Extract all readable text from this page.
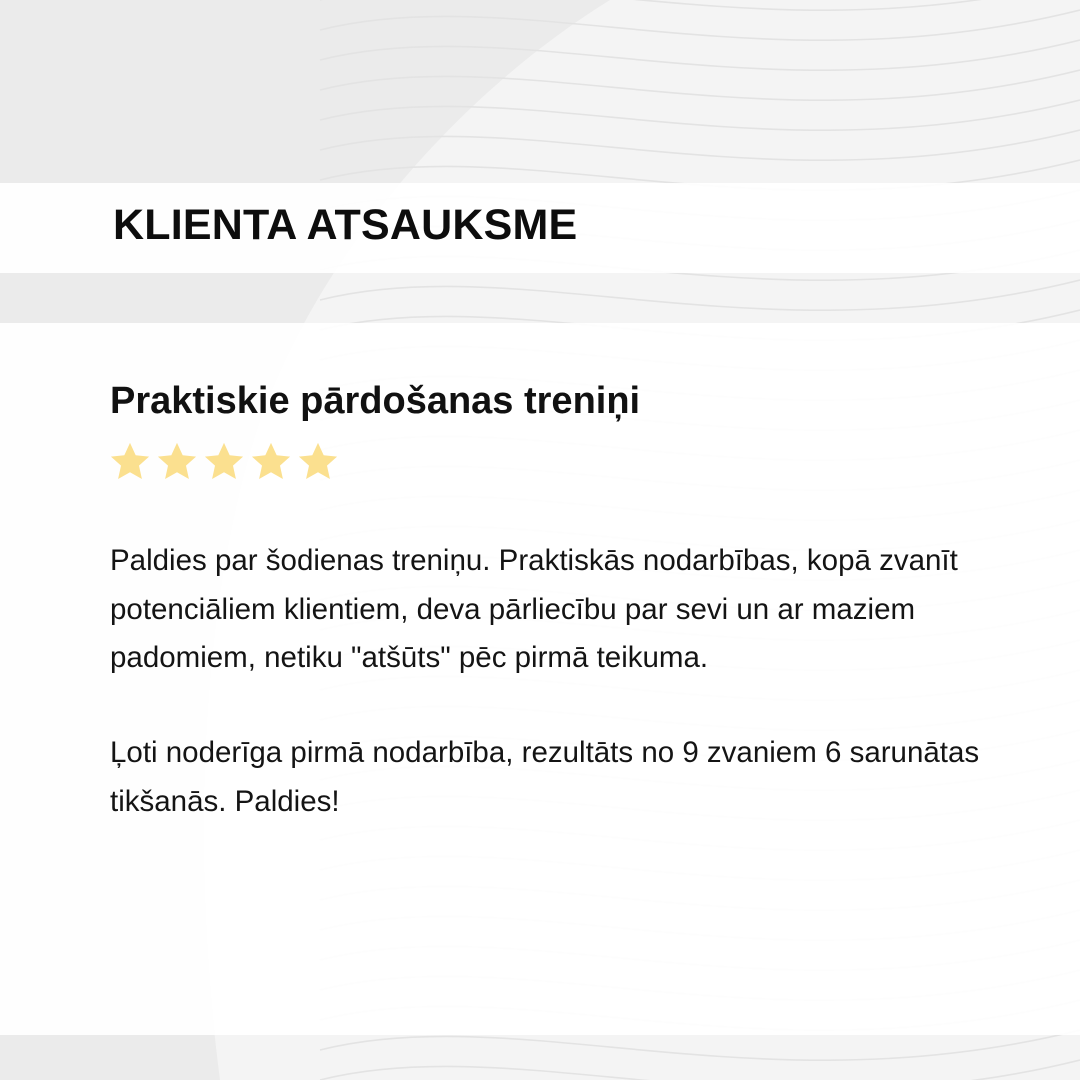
KLIENTA ATSAUKSME
Praktiskie pārdošanas treniņi

Paldies par šodienas treniņu. Praktiskās nodarbības, kopā zvanīt potenciāliem klientiem, deva pārliecību par sevi un ar maziem padomiem, netiku "atšūts" pēc pirmā teikuma.

Ļoti noderīga pirmā nodarbība, rezultāts no 9 zvaniem 6 sarunātas tikšanās. Paldies!
